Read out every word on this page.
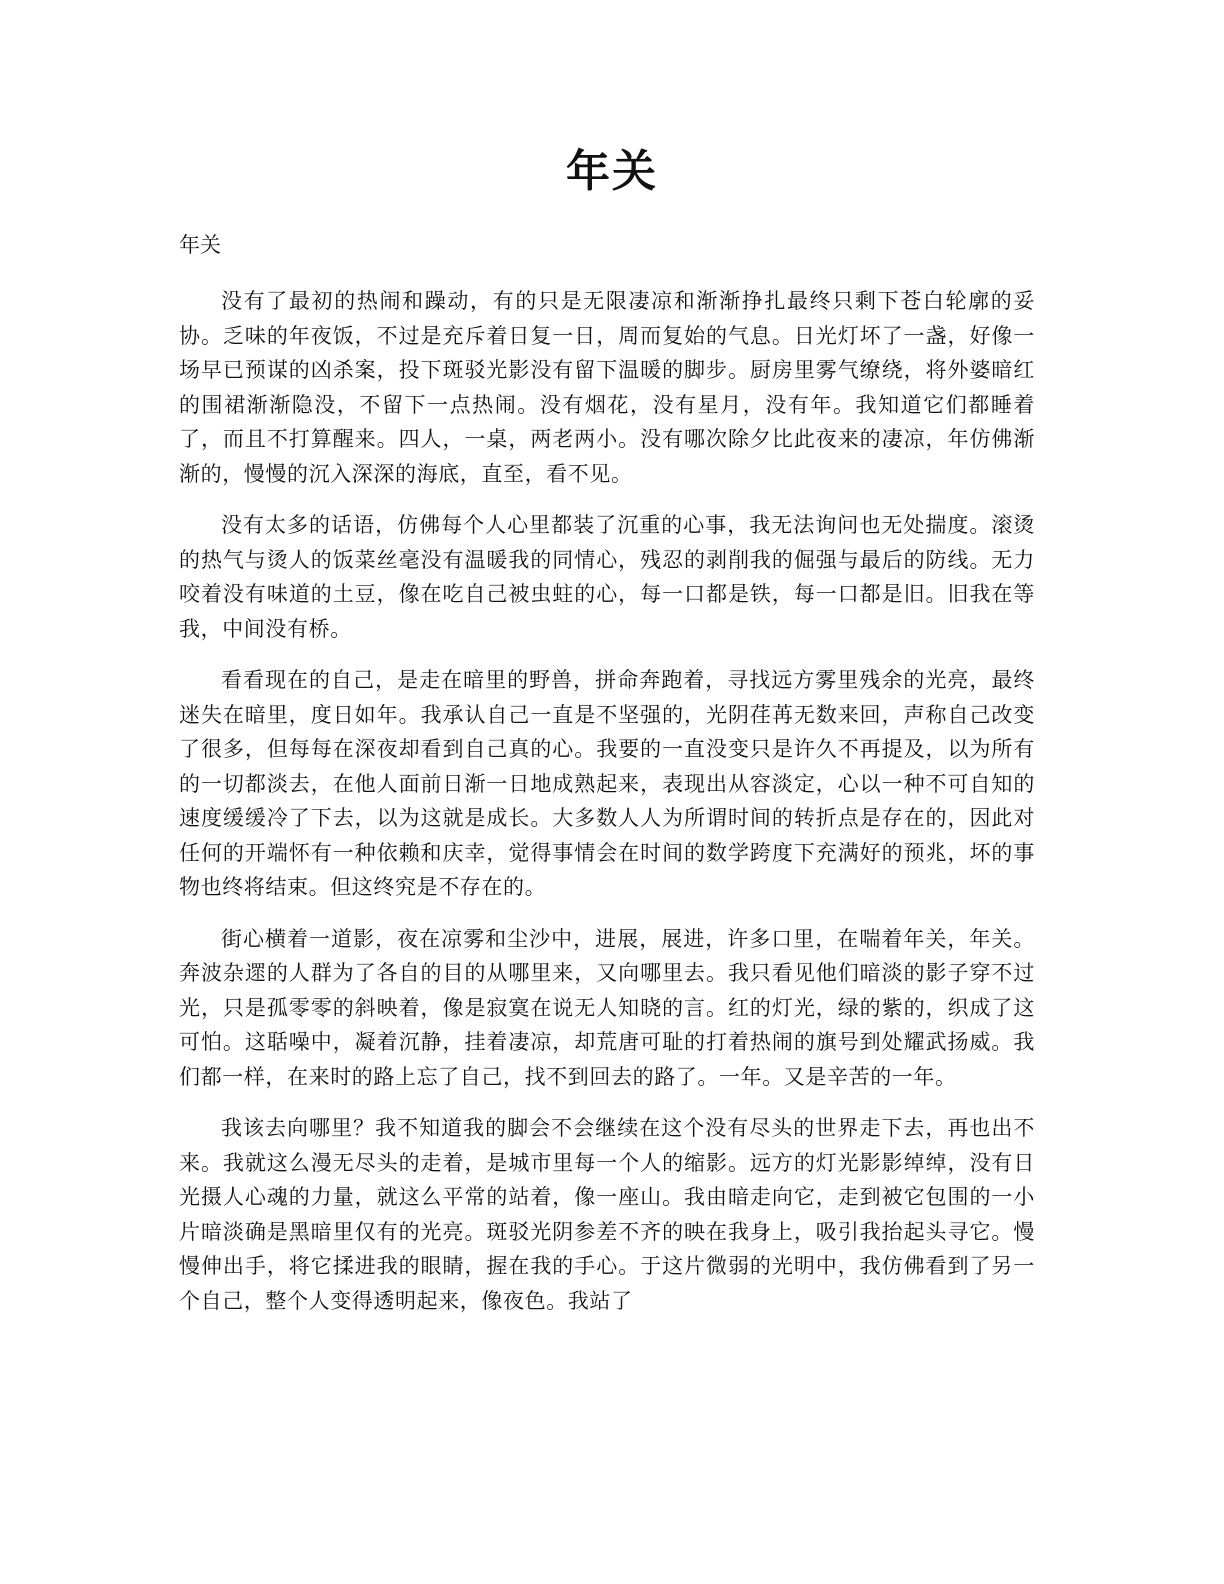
年关

年关

没有了最初的热闹和躁动，有的只是无限凄凉和渐渐挣扎最终只剩下苍白轮廓的妥协。乏味的年夜饭，不过是充斥着日复一日，周而复始的气息。日光灯坏了一盏，好像一场早已预谋的凶杀案，投下斑驳光影没有留下温暖的脚步。厨房里雾气缭绕，将外婆暗红的围裙渐渐隐没，不留下一点热闹。没有烟花，没有星月，没有年。我知道它们都睡着了，而且不打算醒来。四人，一桌，两老两小。没有哪次除夕比此夜来的凄凉，年仿佛渐渐的，慢慢的沉入深深的海底，直至，看不见。

没有太多的话语，仿佛每个人心里都装了沉重的心事，我无法询问也无处揣度。滚烫的热气与烫人的饭菜丝毫没有温暖我的同情心，残忍的剥削我的倔强与最后的防线。无力咬着没有味道的土豆，像在吃自己被虫蛀的心，每一口都是铁，每一口都是旧。旧我在等我，中间没有桥。

看看现在的自己，是走在暗里的野兽，拼命奔跑着，寻找远方雾里残余的光亮，最终迷失在暗里，度日如年。我承认自己一直是不坚强的，光阴荏苒无数来回，声称自己改变了很多，但每每在深夜却看到自己真的心。我要的一直没变只是许久不再提及，以为所有的一切都淡去，在他人面前日渐一日地成熟起来，表现出从容淡定，心以一种不可自知的速度缓缓冷了下去，以为这就是成长。大多数人人为所谓时间的转折点是存在的，因此对任何的开端怀有一种依赖和庆幸，觉得事情会在时间的数学跨度下充满好的预兆，坏的事物也终将结束。但这终究是不存在的。

街心横着一道影，夜在凉雾和尘沙中，进展，展进，许多口里，在喘着年关，年关。奔波杂遝的人群为了各自的目的从哪里来，又向哪里去。我只看见他们暗淡的影子穿不过光，只是孤零零的斜映着，像是寂寞在说无人知晓的言。红的灯光，绿的紫的，织成了这可怕。这聒噪中，凝着沉静，挂着凄凉，却荒唐可耻的打着热闹的旗号到处耀武扬威。我们都一样，在来时的路上忘了自己，找不到回去的路了。一年。又是辛苦的一年。

我该去向哪里？我不知道我的脚会不会继续在这个没有尽头的世界走下去，再也出不来。我就这么漫无尽头的走着，是城市里每一个人的缩影。远方的灯光影影绰绰，没有日光摄人心魂的力量，就这么平常的站着，像一座山。我由暗走向它，走到被它包围的一小片暗淡确是黑暗里仅有的光亮。斑驳光阴参差不齐的映在我身上，吸引我抬起头寻它。慢慢伸出手，将它揉进我的眼睛，握在我的手心。于这片微弱的光明中，我仿佛看到了另一个自己，整个人变得透明起来，像夜色。我站了
